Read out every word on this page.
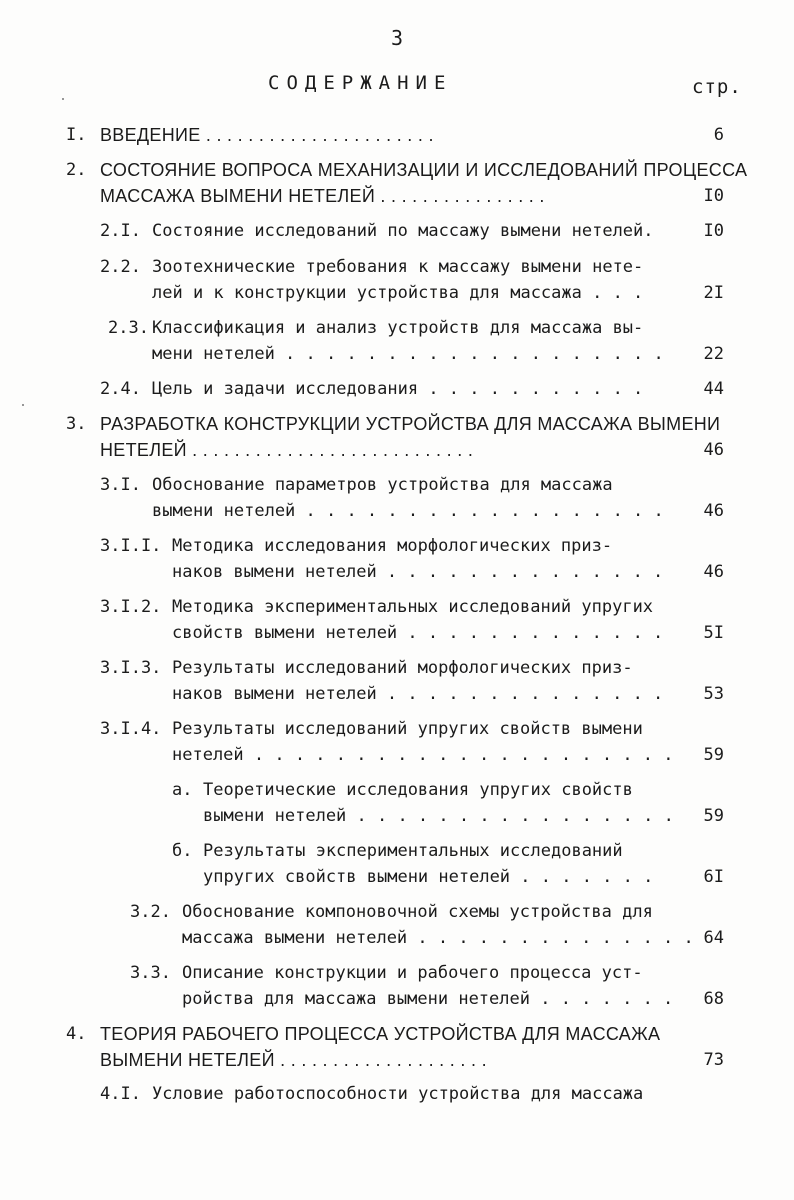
3
СОДЕРЖАНИЕ	стр.
I. ВВЕДЕНИЕ . . . . . . . . . . . . . . . . . . . . . .	6
2. СОСТОЯНИЕ ВОПРОСА МЕХАНИЗАЦИИ И ИССЛЕДОВАНИЙ ПРОЦЕССА
МАССАЖА ВЫМЕНИ НЕТЕЛЕЙ . . . . . . . . . . . . . . . .	I0
2.I. Состояние исследований по массажу вымени нетелей.	I0
2.2. Зоотехнические требования к массажу вымени нете-
лей и к конструкции устройства для массажа . . .	2I
2.3. Классификация и анализ устройств для массажа вы-
мени нетелей . . . . . . . . . . . . . . . . . . .	22
2.4. Цель и задачи исследования . . . . . . . . . . .	44
3. РАЗРАБОТКА КОНСТРУКЦИИ УСТРОЙСТВА ДЛЯ МАССАЖА ВЫМЕНИ
НЕТЕЛЕЙ . . . . . . . . . . . . . . . . . . . . . . . . . . .	46
3.I. Обоснование параметров устройства для массажа
вымени нетелей . . . . . . . . . . . . . . . . . .	46
3.I.I. Методика исследования морфологических приз-
наков вымени нетелей . . . . . . . . . . . . . .	46
3.I.2. Методика экспериментальных исследований упругих
свойств вымени нетелей . . . . . . . . . . . . .	5I
3.I.3. Результаты исследований морфологических приз-
наков вымени нетелей . . . . . . . . . . . . . .	53
3.I.4. Результаты исследований упругих свойств вымени
нетелей . . . . . . . . . . . . . . . . . . . . .	59
а. Теоретические исследования упругих свойств
вымени нетелей . . . . . . . . . . . . . . . .	59
б. Результаты экспериментальных исследований
упругих свойств вымени нетелей . . . . . . .	6I
3.2. Обоснование компоновочной схемы устройства для
массажа вымени нетелей . . . . . . . . . . . . . . 64
3.3. Описание конструкции и рабочего процесса уст-
ройства для массажа вымени нетелей . . . . . . .	68
4. ТЕОРИЯ РАБОЧЕГО ПРОЦЕССА УСТРОЙСТВА ДЛЯ МАССАЖА
ВЫМЕНИ НЕТЕЛЕЙ . . . . . . . . . . . . . . . . . . . .	73
4.I. Условие работоспособности устройства для массажа
